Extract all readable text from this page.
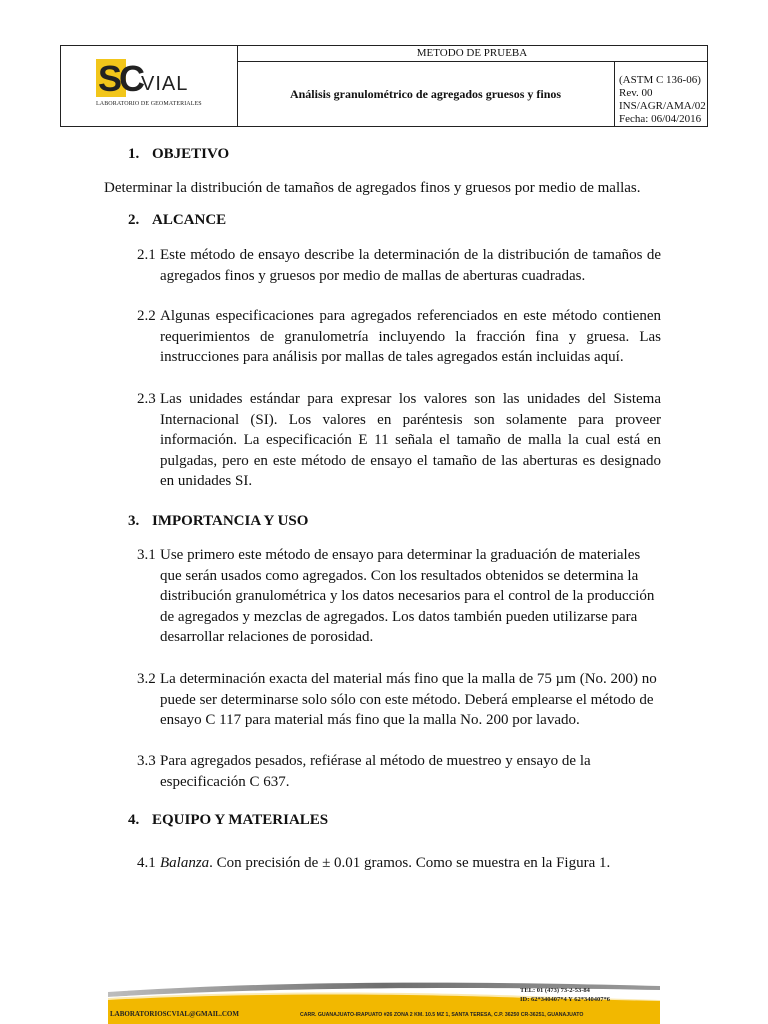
SC
VIAL
LABORATORIO DE GEOMATERIALES
METODO DE PRUEBA
Análisis granulométrico de agregados gruesos y finos
(ASTM C 136-06)
Rev. 00
INS/AGR/AMA/02
Fecha: 06/04/2016
1. OBJETIVO
Determinar la distribución de tamaños de agregados finos y gruesos por medio de mallas.
2. ALCANCE
2.1 Este método de ensayo describe la determinación de la distribución de tamaños de agregados finos y gruesos por medio de mallas de aberturas cuadradas.
2.2 Algunas especificaciones para agregados referenciados en este método contienen requerimientos de granulometría incluyendo la fracción fina y gruesa. Las instrucciones para análisis por mallas de tales agregados están incluidas aquí.
2.3 Las unidades estándar para expresar los valores son las unidades del Sistema Internacional (SI). Los valores en paréntesis son solamente para proveer información. La especificación E 11 señala el tamaño de malla la cual está en pulgadas, pero en este método de ensayo el tamaño de las aberturas es designado en unidades SI.
3. IMPORTANCIA Y USO
3.1 Use primero este método de ensayo para determinar la graduación de materiales que serán usados como agregados. Con los resultados obtenidos se determina la distribución granulométrica y los datos necesarios para el control de la producción de agregados y mezclas de agregados. Los datos también pueden utilizarse para desarrollar relaciones de porosidad.
3.2 La determinación exacta del material más fino que la malla de 75 µm (No. 200) no puede ser determinarse solo sólo con este método. Deberá emplearse el método de ensayo C 117 para material más fino que la malla No. 200 por lavado.
3.3 Para agregados pesados, refiérase al método de muestreo y ensayo de la especificación C 637.
4. EQUIPO Y MATERIALES
4.1 Balanza. Con precisión de ± 0.01 gramos. Como se muestra en la Figura 1.
TEL: 01 (473) 73-2-53-84
ID: 62*340407*4 Y 62*340407*6
LABORATORIOSCVIAL@GMAIL.COM	CARR. GUANAJUATO-IRAPUATO #26 ZONA 2 KM. 10.5 MZ 1, SANTA TERESA, C.P. 36250 CR-36251, GUANAJUATO
